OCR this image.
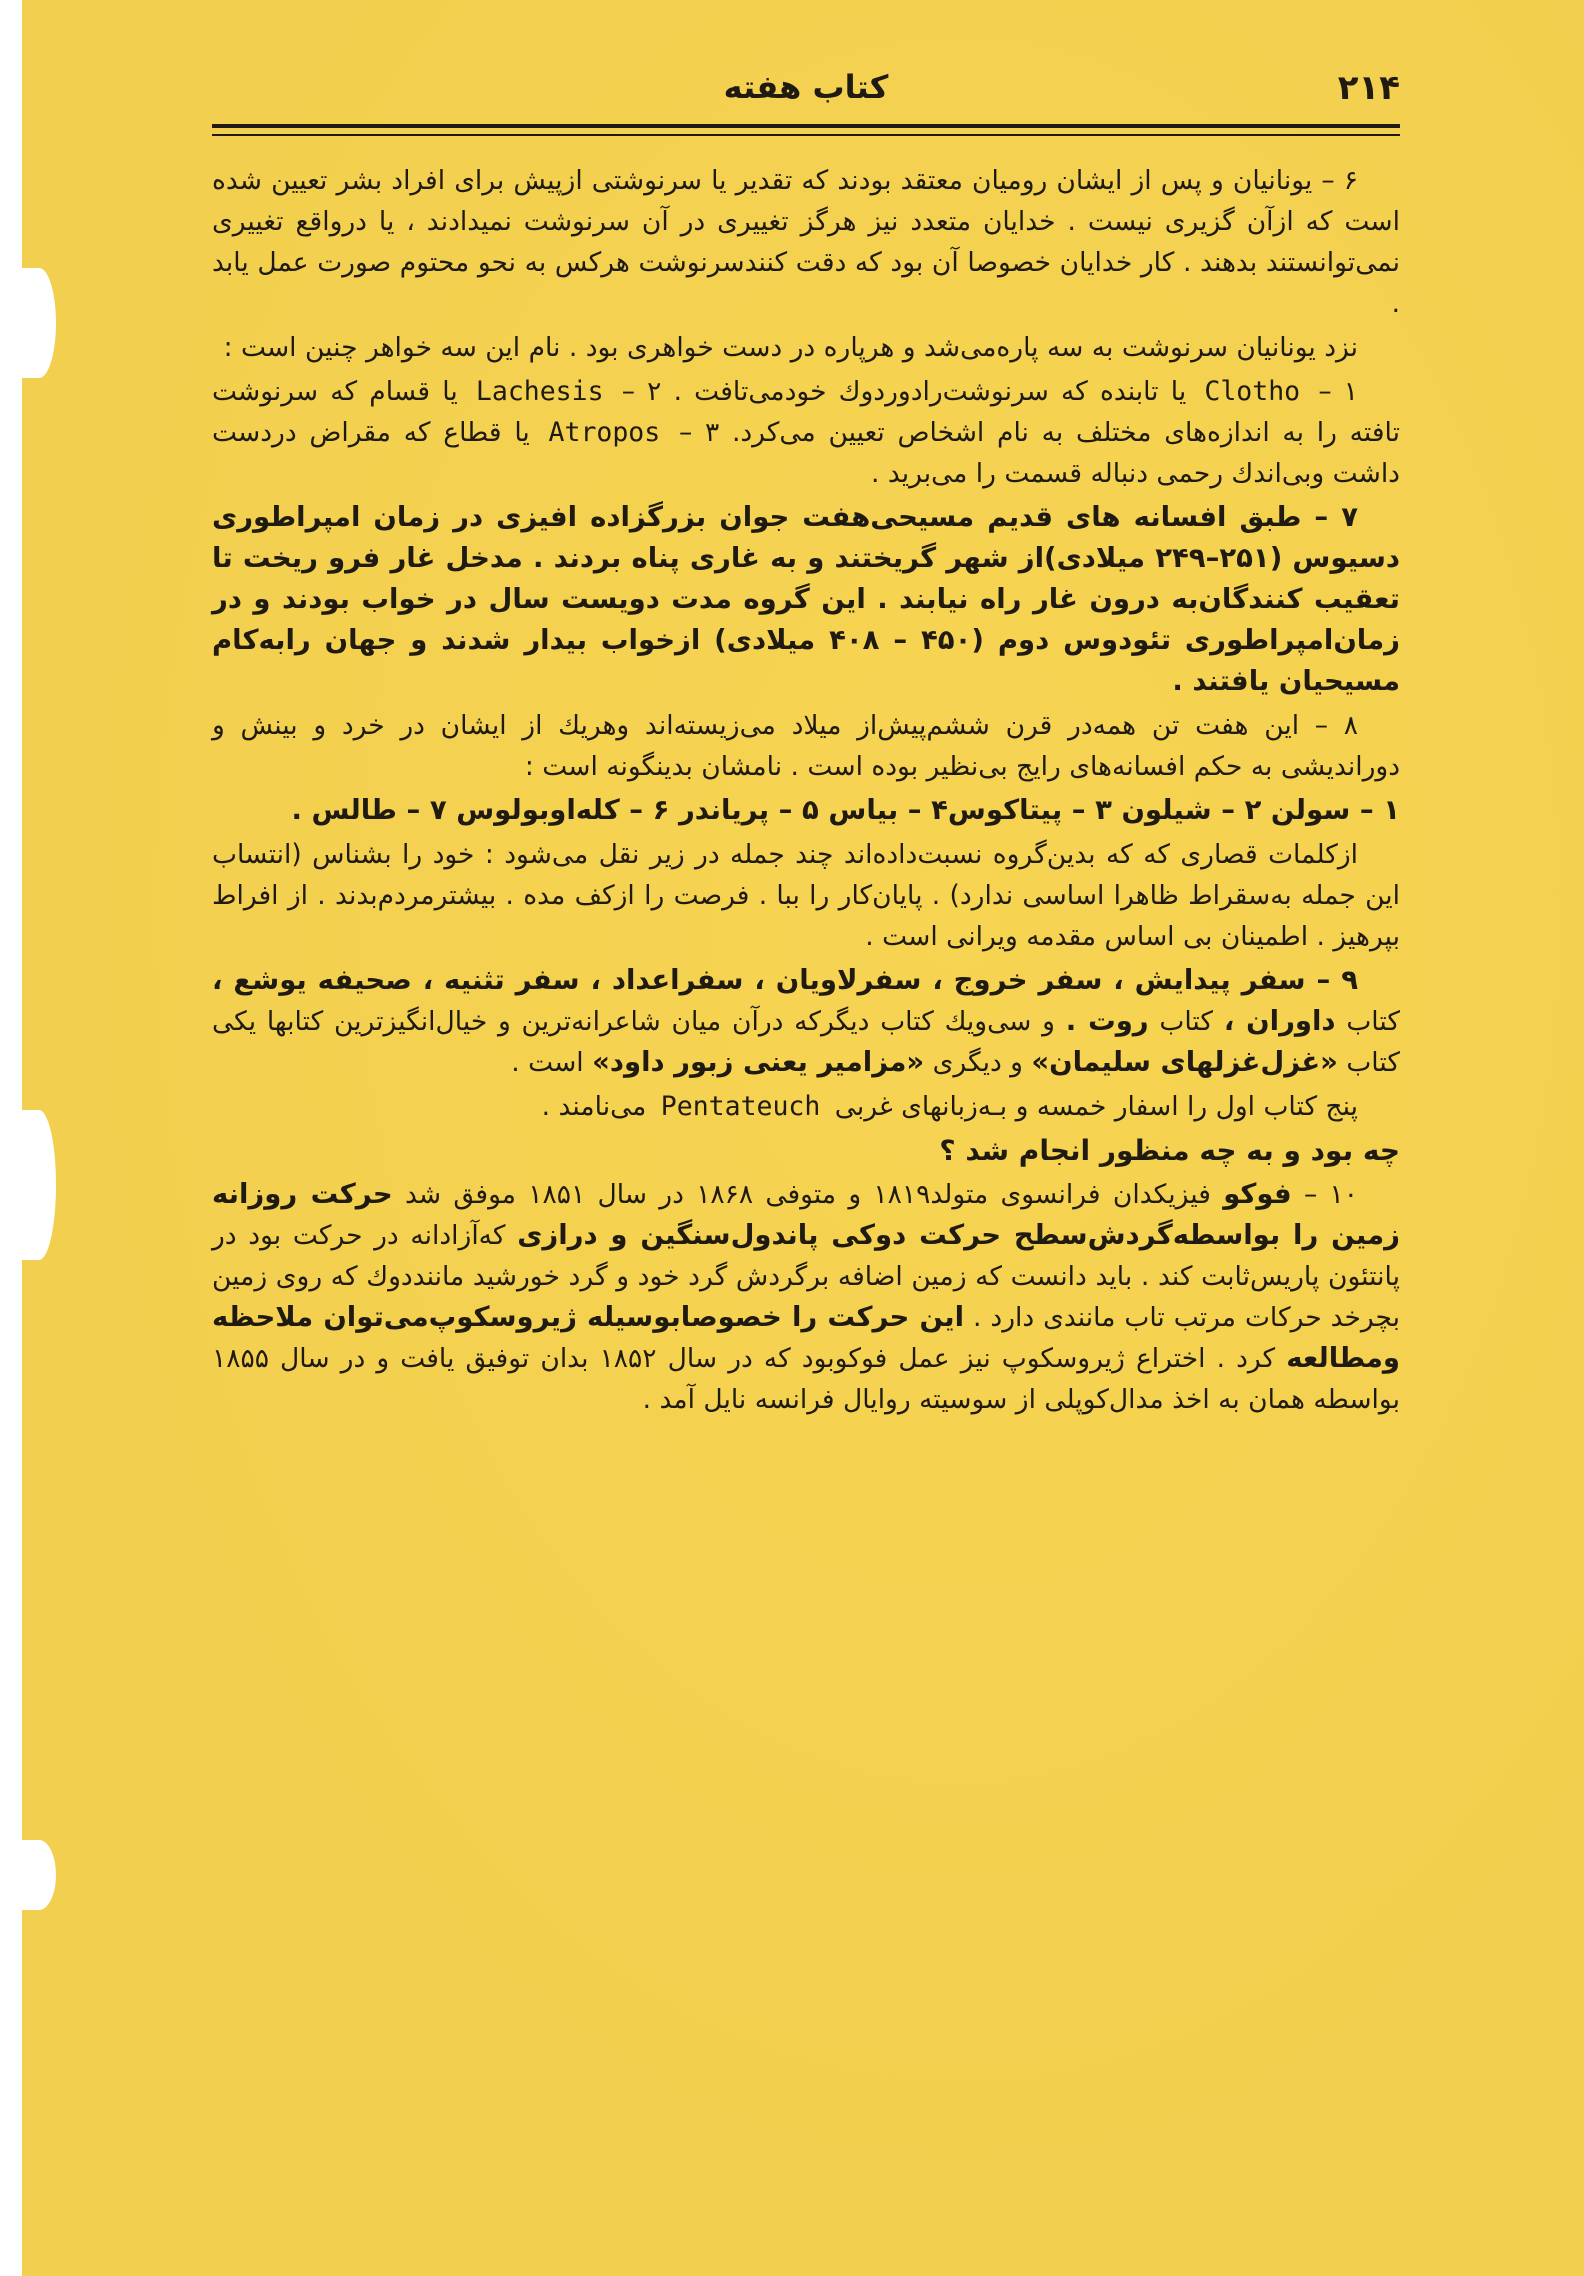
۲۱۴
کتاب هفته

۶ – یونانیان و پس از ایشان رومیان معتقد بودند که تقدیر یا سرنوشتی ازپیش برای افراد بشر تعیین شده است که ازآن گزیری نیست . خدایان متعدد نیز هرگز تغییری در آن سرنوشت نمیدادند ، یا درواقع تغییری نمی‌توانستند بدهند . کار خدایان خصوصا آن بود که دقت کنندسرنوشت هرکس به نحو محتوم صورت عمل یابد .

نزد یونانیان سرنوشت به سه پاره‌می‌شد و هرپاره در دست خواهری بود . نام این سه خواهر چنین است :

۱ – Clotho یا تابنده که سرنوشت‌رادوردوك خودمی‌تافت . ۲ – Lachesis یا قسام که سرنوشت تافته را به اندازه‌های مختلف به نام اشخاص تعیین می‌کرد. ۳ – Atropos یا قطاع که مقراض دردست داشت وبی‌اندك رحمی دنباله قسمت را می‌برید .

۷ – طبق افسانه های قدیم مسیحی‌هفت جوان بزرگزاده افیزی در زمان امپراطوری دسیوس (۲۵۱–۲۴۹ میلادی)از شهر گریختند و به غاری پناه بردند . مدخل غار فرو ریخت تا تعقیب کنندگان‌به درون غار راه نیابند . این گروه مدت دویست سال در خواب بودند و در زمان‌امپراطوری تئودوس دوم (۴۵۰ – ۴۰۸ میلادی) ازخواب بیدار شدند و جهان رابه‌کام مسیحیان یافتند .

۸ – این هفت تن همه‌در قرن ششم‌پیش‌از میلاد می‌زیسته‌اند وهریك از ایشان در خرد و بینش و دوراندیشی به حکم افسانه‌های رایج بی‌نظیر بوده است . نامشان بدینگونه است :

۱ – سولن ۲ – شیلون ۳ – پیتاکوس۴ – بیاس ۵ – پریاندر ۶ – کله‌اوبولوس ۷ – طالس .

ازکلمات قصاری که که بدین‌گروه نسبت‌داده‌اند چند جمله در زیر نقل می‌شود : خود را بشناس (انتساب این جمله به‌سقراط ظاهرا اساسی ندارد) . پایان‌کار را ببا . فرصت را ازکف مده . بیشترمردم‌بدند . از افراط بپرهیز . اطمینان بی اساس مقدمه ویرانی است .

۹ – سفر پیدایش ، سفر خروج ، سفرلاویان ، سفراعداد ، سفر تثنیه ، صحیفه یوشع ، کتاب داوران ، کتاب روت . و سی‌ویك کتاب دیگرکه درآن میان شاعرانه‌ترین و خیال‌انگیزترین کتابها یکی کتاب «غزل‌غزلهای سلیمان» و دیگری «مزامیر یعنی زبور داود» است .

پنج کتاب اول را اسفار خمسه و بـه‌زبانهای غربی Pentateuch می‌نامند .

چه بود و به چه منظور انجام شد ؟

۱۰ – فوکو فیزیکدان فرانسوی متولد۱۸۱۹ و متوفی ۱۸۶۸ در سال ۱۸۵۱ موفق شد حرکت روزانه زمین را بواسطه‌گردش‌سطح حرکت دوکی پاندول‌سنگین و درازی که‌آزادانه در حرکت بود در پانتئون پاریس‌ثابت کند . باید دانست که زمین اضافه برگردش گرد خود و گرد خورشید ماننددوك که روی زمین بچرخد حرکات مرتب تاب مانندی دارد . این حرکت را خصوصابوسیله ژیروسکوپ‌می‌توان ملاحظه ومطالعه کرد . اختراع ژیروسکوپ نیز عمل فوکوبود که در سال ۱۸۵۲ بدان توفیق یافت و در سال ۱۸۵۵ بواسطه همان به اخذ مدال‌کوپلی از سوسیته روایال فرانسه نایل آمد .
